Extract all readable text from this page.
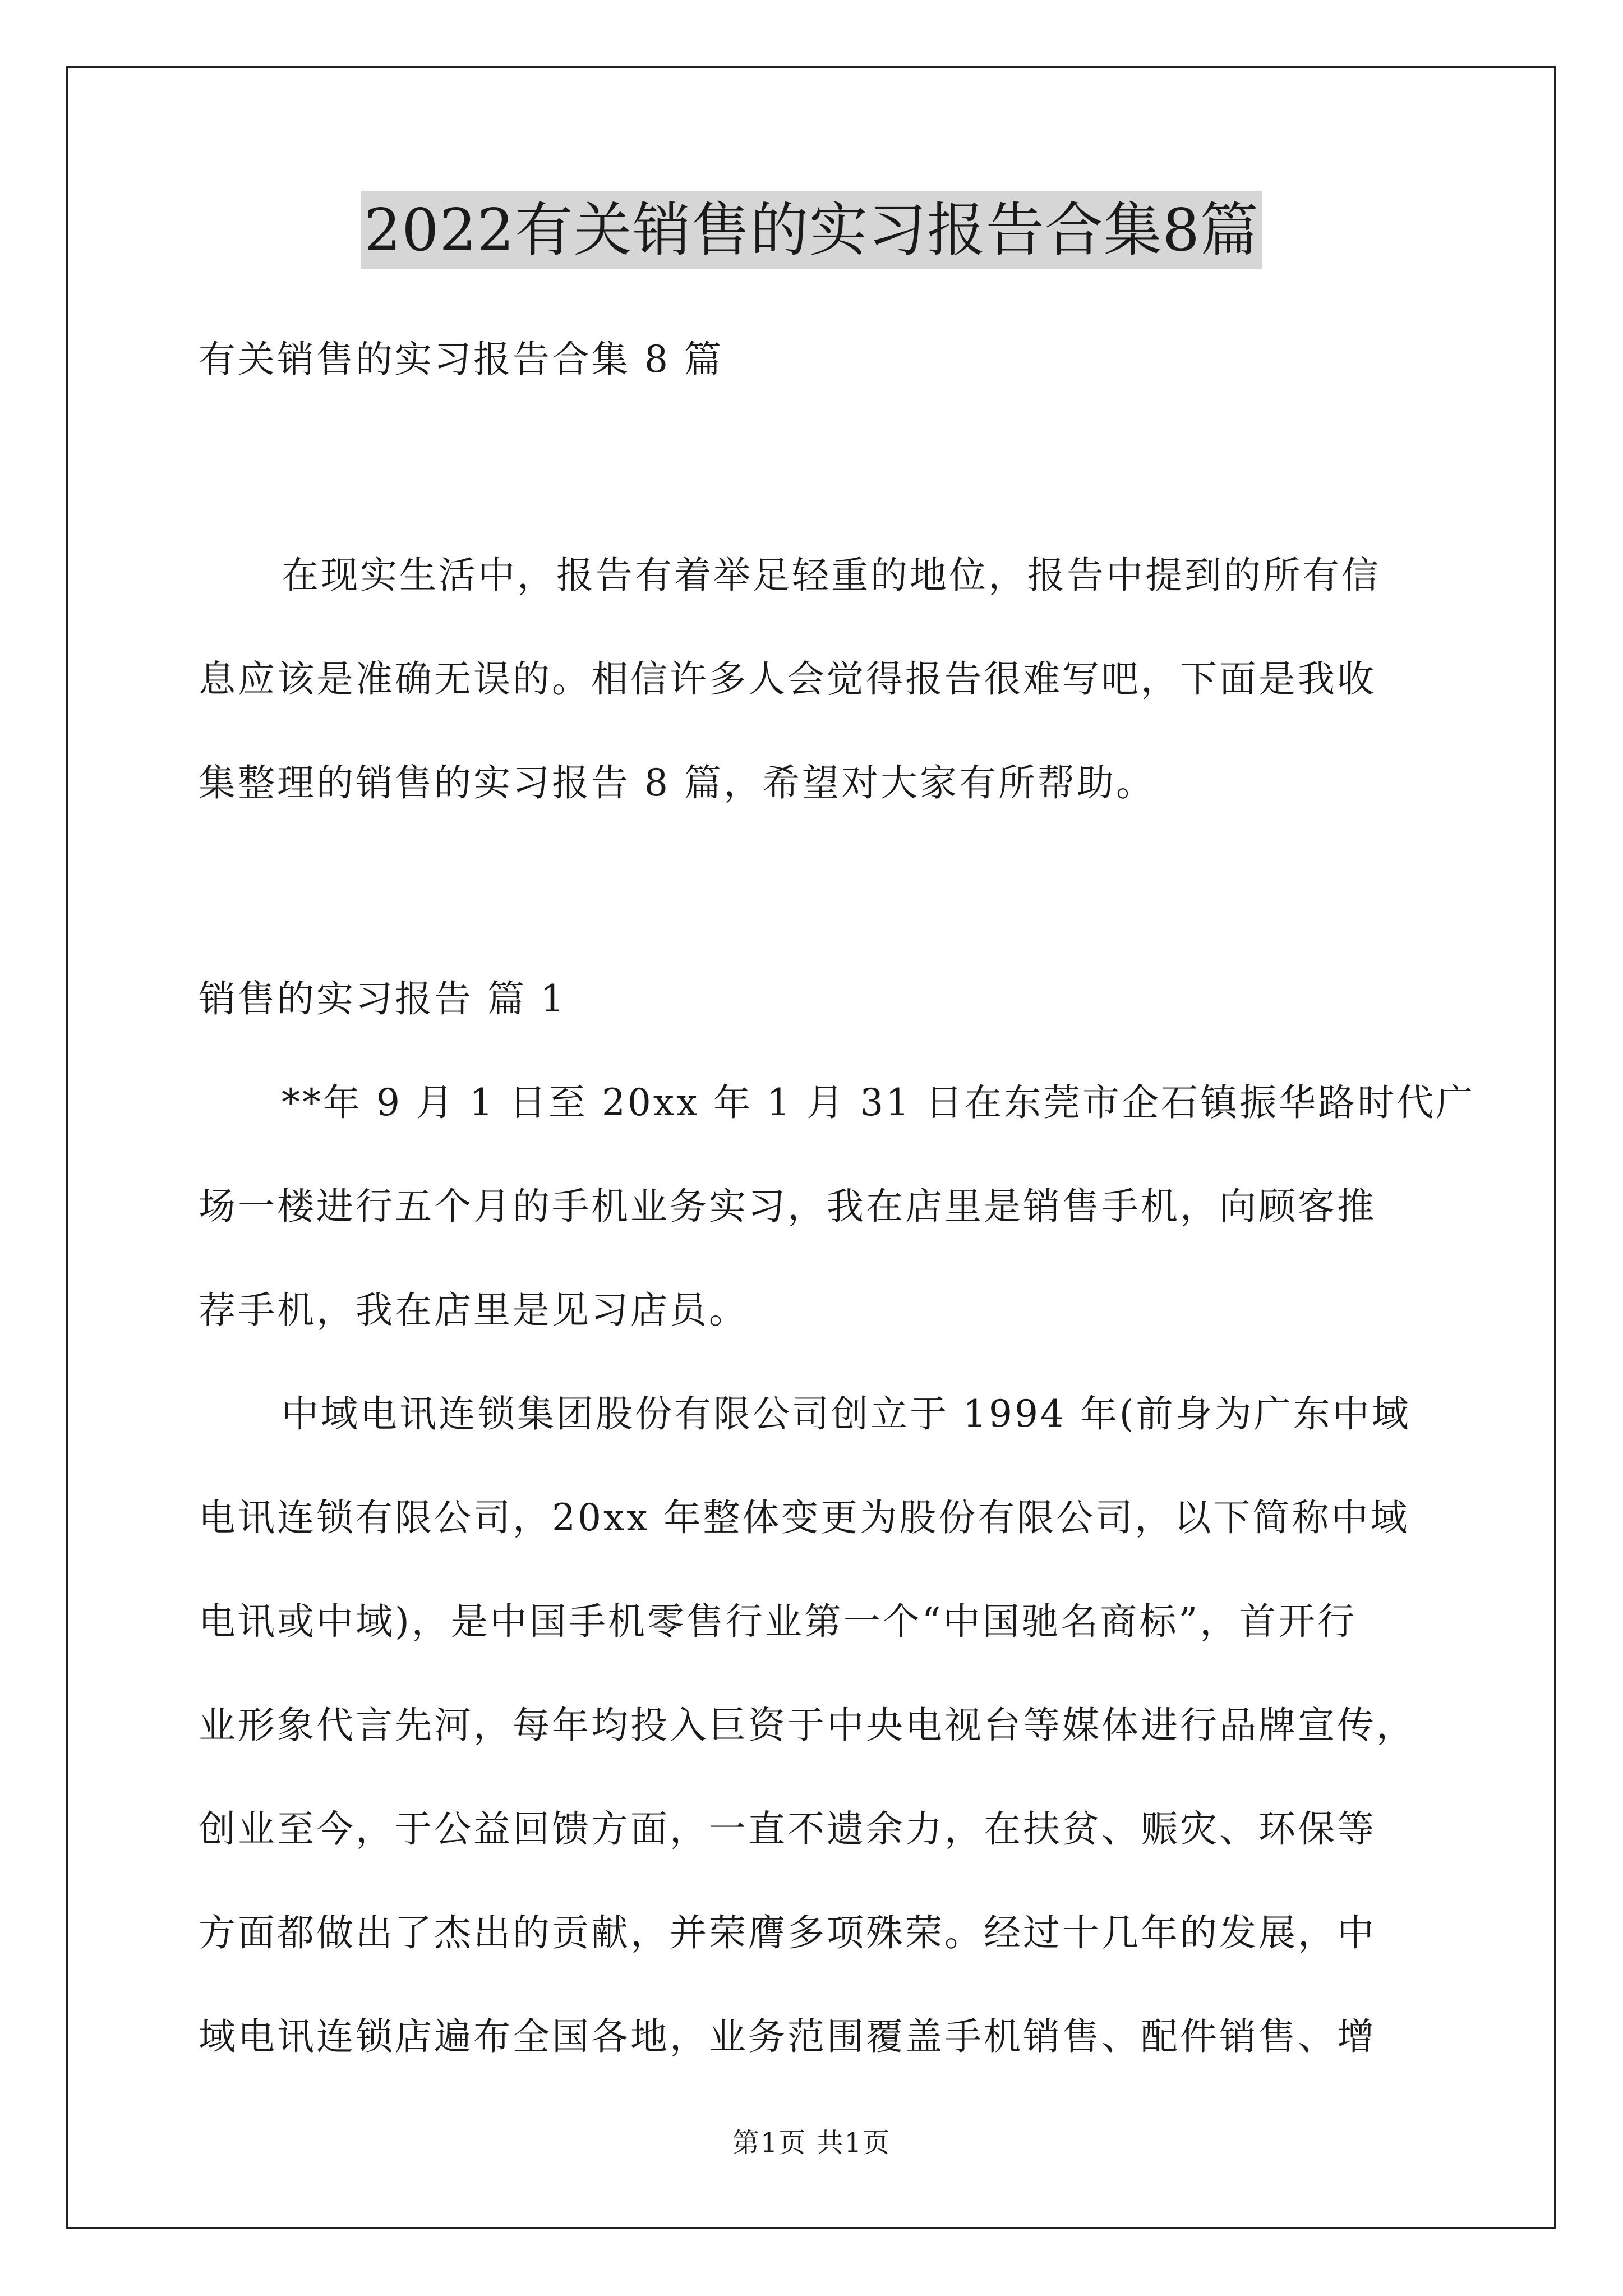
2022有关销售的实习报告合集8篇
有关销售的实习报告合集 8 篇
在现实生活中，报告有着举足轻重的地位，报告中提到的所有信
息应该是准确无误的。相信许多人会觉得报告很难写吧，下面是我收
集整理的销售的实习报告 8 篇，希望对大家有所帮助。
销售的实习报告 篇 1
**年 9 月 1 日至 20xx 年 1 月 31 日在东莞市企石镇振华路时代广
场一楼进行五个月的手机业务实习，我在店里是销售手机，向顾客推
荐手机，我在店里是见习店员。
中域电讯连锁集团股份有限公司创立于 1994 年(前身为广东中域
电讯连锁有限公司，20xx 年整体变更为股份有限公司，以下简称中域
电讯或中域)，是中国手机零售行业第一个“中国驰名商标”，首开行
业形象代言先河，每年均投入巨资于中央电视台等媒体进行品牌宣传，
创业至今，于公益回馈方面，一直不遗余力，在扶贫、赈灾、环保等
方面都做出了杰出的贡献，并荣膺多项殊荣。经过十几年的发展，中
域电讯连锁店遍布全国各地，业务范围覆盖手机销售、配件销售、增
第1页 共1页
